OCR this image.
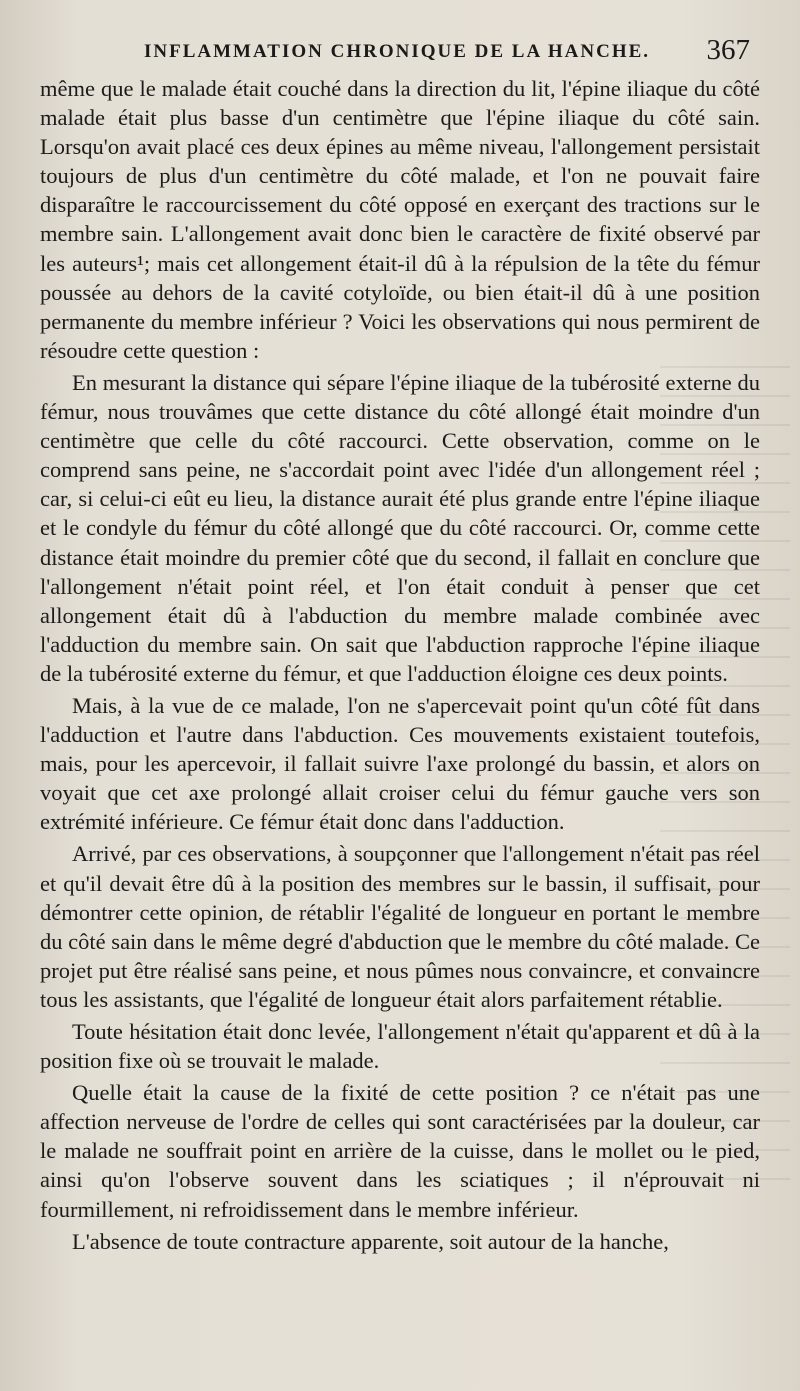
INFLAMMATION CHRONIQUE DE LA HANCHE. 367

même que le malade était couché dans la direction du lit, l'épine iliaque du côté malade était plus basse d'un centimètre que l'épine iliaque du côté sain. Lorsqu'on avait placé ces deux épines au même niveau, l'allongement persistait toujours de plus d'un centimètre du côté malade, et l'on ne pouvait faire disparaître le raccourcissement du côté opposé en exerçant des tractions sur le membre sain. L'allongement avait donc bien le caractère de fixité observé par les auteurs¹; mais cet allongement était-il dû à la répulsion de la tête du fémur poussée au dehors de la cavité cotyloïde, ou bien était-il dû à une position permanente du membre inférieur ? Voici les observations qui nous permirent de résoudre cette question :

En mesurant la distance qui sépare l'épine iliaque de la tubérosité externe du fémur, nous trouvâmes que cette distance du côté allongé était moindre d'un centimètre que celle du côté raccourci. Cette observation, comme on le comprend sans peine, ne s'accordait point avec l'idée d'un allongement réel ; car, si celui-ci eût eu lieu, la distance aurait été plus grande entre l'épine iliaque et le condyle du fémur du côté allongé que du côté raccourci. Or, comme cette distance était moindre du premier côté que du second, il fallait en conclure que l'allongement n'était point réel, et l'on était conduit à penser que cet allongement était dû à l'abduction du membre malade combinée avec l'adduction du membre sain. On sait que l'abduction rapproche l'épine iliaque de la tubérosité externe du fémur, et que l'adduction éloigne ces deux points.

Mais, à la vue de ce malade, l'on ne s'apercevait point qu'un côté fût dans l'adduction et l'autre dans l'abduction. Ces mouvements existaient toutefois, mais, pour les apercevoir, il fallait suivre l'axe prolongé du bassin, et alors on voyait que cet axe prolongé allait croiser celui du fémur gauche vers son extrémité inférieure. Ce fémur était donc dans l'adduction.

Arrivé, par ces observations, à soupçonner que l'allongement n'était pas réel et qu'il devait être dû à la position des membres sur le bassin, il suffisait, pour démontrer cette opinion, de rétablir l'égalité de longueur en portant le membre du côté sain dans le même degré d'abduction que le membre du côté malade. Ce projet put être réalisé sans peine, et nous pûmes nous convaincre, et convaincre tous les assistants, que l'égalité de longueur était alors parfaitement rétablie.

Toute hésitation était donc levée, l'allongement n'était qu'apparent et dû à la position fixe où se trouvait le malade.

Quelle était la cause de la fixité de cette position ? ce n'était pas une affection nerveuse de l'ordre de celles qui sont caractérisées par la douleur, car le malade ne souffrait point en arrière de la cuisse, dans le mollet ou le pied, ainsi qu'on l'observe souvent dans les sciatiques ; il n'éprouvait ni fourmillement, ni refroidissement dans le membre inférieur.

L'absence de toute contracture apparente, soit autour de la hanche,
